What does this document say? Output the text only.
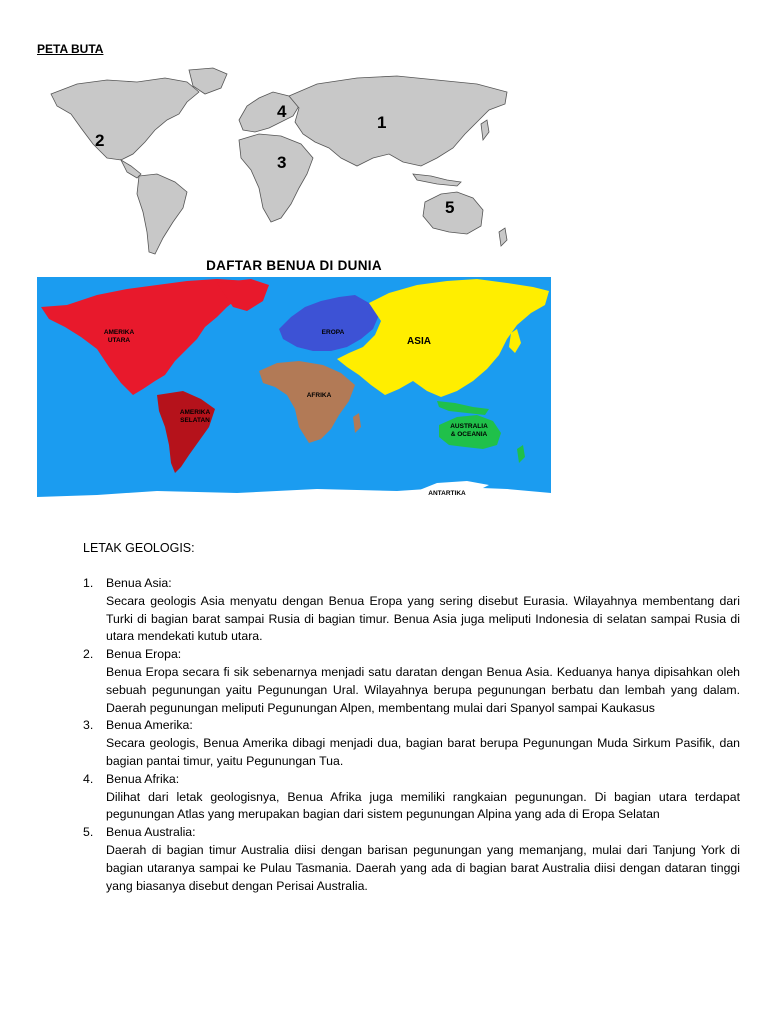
PETA BUTA
1
2
3
4
5
DAFTAR BENUA DI DUNIA
AMERIKA
UTARA
EROPA
AFRIKA
AMERIKA
SELATAN
AUSTRALIA
& OCEANIA
ANTARTIKA
ASIA
LETAK GEOLOGIS:
1. Benua Asia:
Secara geologis Asia menyatu dengan Benua Eropa yang sering disebut Eurasia. Wilayahnya membentang dari Turki di bagian barat sampai Rusia di bagian timur. Benua Asia juga meliputi Indonesia di selatan sampai Rusia di utara mendekati kutub utara.
2. Benua Eropa:
Benua Eropa secara fi sik sebenarnya menjadi satu daratan dengan Benua Asia. Keduanya hanya dipisahkan oleh sebuah pegunungan yaitu Pegunungan Ural. Wilayahnya berupa pegunungan berbatu dan lembah yang dalam. Daerah pegunungan meliputi Pegunungan Alpen, membentang mulai dari Spanyol sampai Kaukasus
3. Benua Amerika:
Secara geologis, Benua Amerika dibagi menjadi dua, bagian barat berupa Pegunungan Muda Sirkum Pasifik, dan bagian pantai timur, yaitu Pegunungan Tua.
4. Benua Afrika:
Dilihat dari letak geologisnya, Benua Afrika juga memiliki rangkaian pegunungan. Di bagian utara terdapat pegunungan Atlas yang merupakan bagian dari sistem pegunungan Alpina yang ada di Eropa Selatan
5. Benua Australia:
Daerah di bagian timur Australia diisi dengan barisan pegunungan yang memanjang, mulai dari Tanjung York di bagian utaranya sampai ke Pulau Tasmania. Daerah yang ada di bagian barat Australia diisi dengan dataran tinggi yang biasanya disebut dengan Perisai Australia.
